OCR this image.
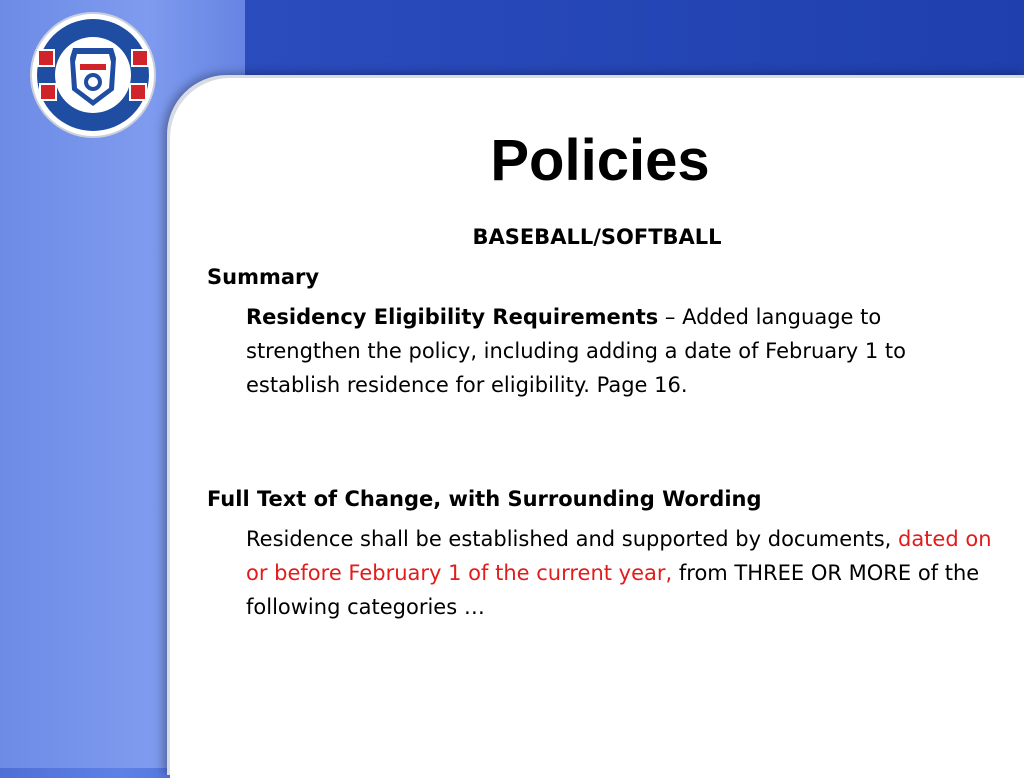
Policies

BASEBALL/SOFTBALL

Summary

Residency Eligibility Requirements – Added language to strengthen the policy, including adding a date of February 1 to establish residence for eligibility. Page 16.

Full Text of Change, with Surrounding Wording

Residence shall be established and supported by documents, dated on or before February 1 of the current year, from THREE OR MORE of the following categories …
